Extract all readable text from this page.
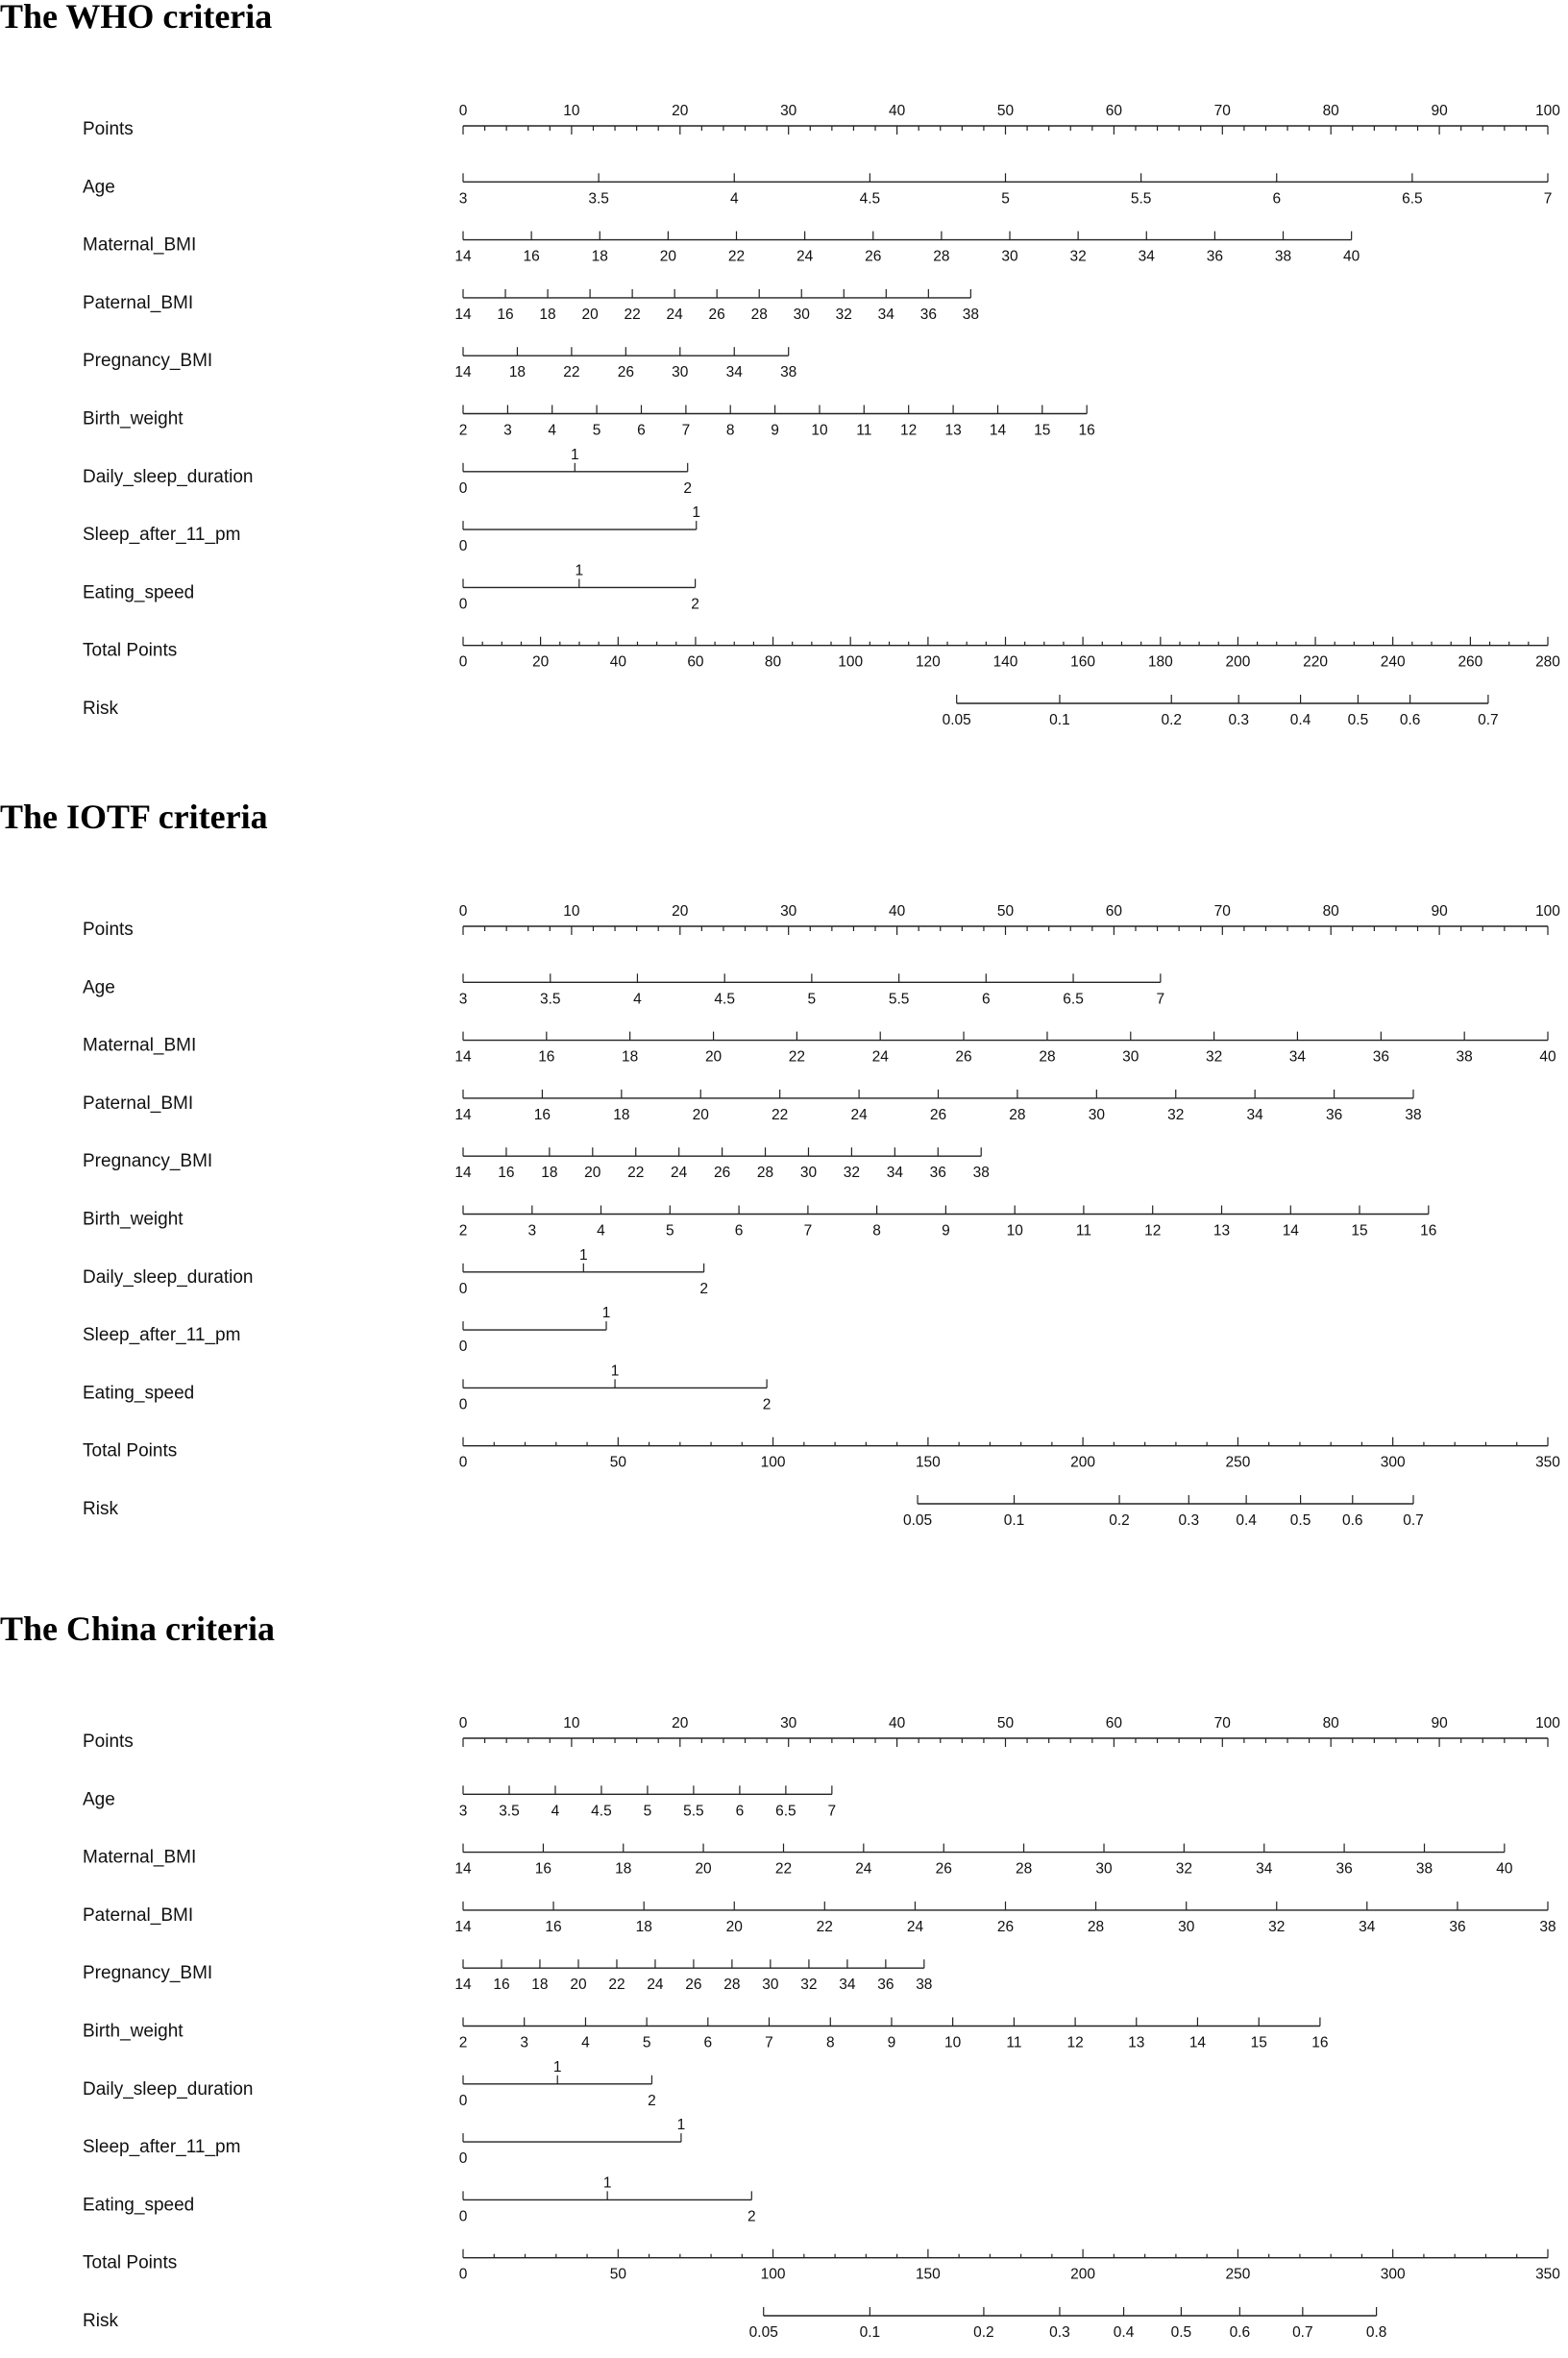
The WHO criteria
Points
0	10	20	30	40	50	60	70	80	90	100
Age
3	3.5	4	4.5	5	5.5	6	6.5	7
Maternal_BMI
14	16	18	20	22	24	26	28	30	32	34	36	38	40
Paternal_BMI
14 16 18 20 22 24 26 28 30 32 34 36 38
Pregnancy_BMI
14	18	22	26	30	34	38
Birth_weight
2 3 4 5 6 7 8 9 10 11 12 13 14 15 16
Daily_sleep_duration
0
1
2
Sleep_after_11_pm
0
1
Eating_speed
0
1
2
Total Points
0	20	40	60	80	100	120	140	160	180	200	220	240	260	280
Risk
0.05	0.1	0.2	0.3	0.4 0.5 0.6	0.7
The IOTF criteria
Points
0	10	20	30	40	50	60	70	80	90	100
Age
3	3.5	4	4.5	5	5.5	6	6.5	7
Maternal_BMI
14	16	18	20	22	24	26	28	30	32	34	36	38	40
Paternal_BMI
14	16	18	20	22	24	26	28	30	32	34	36	38
Pregnancy_BMI
14 16 18 20 22 24 26 28 30 32 34 36 38
Birth_weight
2	3	4	5	6	7	8	9	10	11	12	13	14	15	16
Daily_sleep_duration
0
1
2
Sleep_after_11_pm
0
1
Eating_speed
0
1
2
Total Points
0	50	100	150	200	250	300	350
Risk
0.05	0.1	0.2	0.3 0.4 0.5 0.6	0.7
The China criteria
Points
0	10	20	30	40	50	60	70	80	90	100
Age
3 3.5 4 4.5 5 5.5 6 6.5 7
Maternal_BMI
14	16	18	20	22	24	26	28	30	32	34	36	38	40
Paternal_BMI
14	16	18	20	22	24	26	28	30	32	34	36	38
Pregnancy_BMI
14 16 18 20 22 24 26 28 30 32 34 36 38
Birth_weight
2	3	4	5	6	7	8	9	10	11	12	13	14	15	16
Daily_sleep_duration
0
1
2
Sleep_after_11_pm
0
1
Eating_speed
0
1
2
Total Points
0	50	100	150	200	250	300	350
Risk
0.05	0.1	0.2	0.3	0.4 0.5	0.6	0.7	0.8
